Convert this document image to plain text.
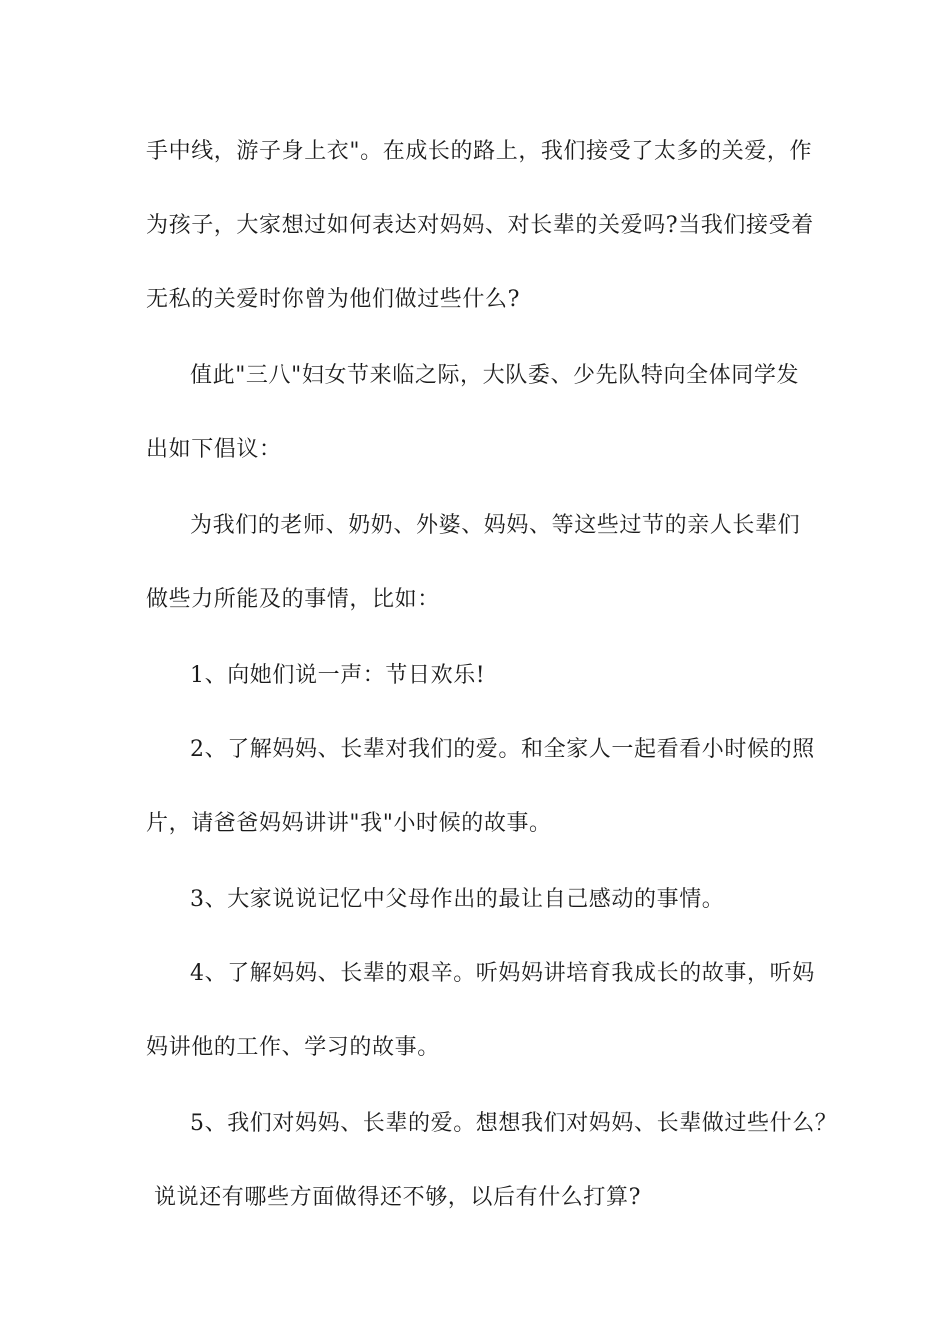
手中线，游子身上衣"。在成长的路上，我们接受了太多的关爱，作
为孩子，大家想过如何表达对妈妈、对长辈的关爱吗?当我们接受着
无私的关爱时你曾为他们做过些什么?
值此"三八"妇女节来临之际，大队委、少先队特向全体同学发
出如下倡议：
为我们的老师、奶奶、外婆、妈妈、等这些过节的亲人长辈们
做些力所能及的事情，比如：
1、向她们说一声：节日欢乐!
2、了解妈妈、长辈对我们的爱。和全家人一起看看小时候的照
片，请爸爸妈妈讲讲"我"小时候的故事。
3、大家说说记忆中父母作出的最让自己感动的事情。
4、了解妈妈、长辈的艰辛。听妈妈讲培育我成长的故事，听妈
妈讲他的工作、学习的故事。
5、我们对妈妈、长辈的爱。想想我们对妈妈、长辈做过些什么？
说说还有哪些方面做得还不够，以后有什么打算?
